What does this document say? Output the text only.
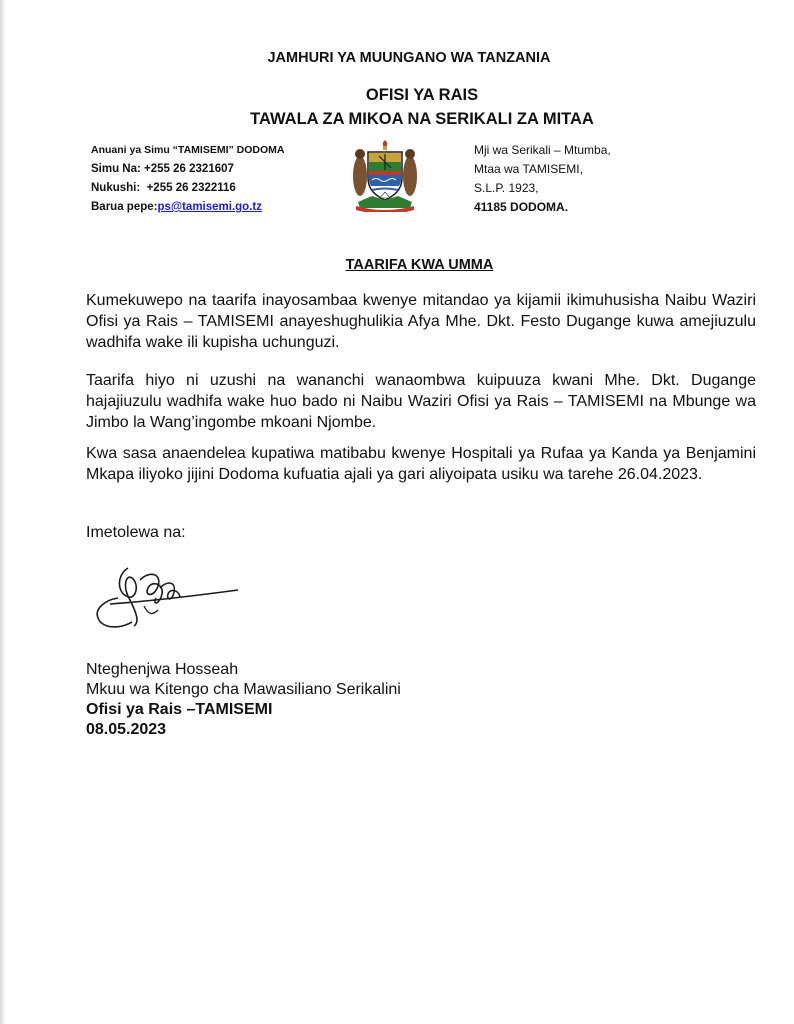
JAMHURI YA MUUNGANO WA TANZANIA

OFISI YA RAIS

TAWALA ZA MIKOA NA SERIKALI ZA MITAA

Anuani ya Simu “TAMISEMI” DODOMA
Simu Na: +255 26 2321607
Nukushi: +255 26 2322116
Barua pepe:ps@tamisemi.go.tz
Mji wa Serikali – Mtumba,
Mtaa wa TAMISEMI,
S.L.P. 1923,
41185 DODOMA.
TAARIFA KWA UMMA

Kumekuwepo na taarifa inayosambaa kwenye mitandao ya kijamii ikimuhusisha Naibu Waziri Ofisi ya Rais – TAMISEMI anayeshughulikia Afya Mhe. Dkt. Festo Dugange kuwa amejiuzulu wadhifa wake ili kupisha uchunguzi.

Taarifa hiyo ni uzushi na wananchi wanaombwa kuipuuza kwani Mhe. Dkt. Dugange hajajiuzulu wadhifa wake huo bado ni Naibu Waziri Ofisi ya Rais – TAMISEMI na Mbunge wa Jimbo la Wang’ingombe mkoani Njombe.

Kwa sasa anaendelea kupatiwa matibabu kwenye Hospitali ya Rufaa ya Kanda ya Benjamini Mkapa iliyoko jijini Dodoma kufuatia ajali ya gari aliyoipata usiku wa tarehe 26.04.2023.

Imetolewa na:
Nteghenjwa Hosseah
Mkuu wa Kitengo cha Mawasiliano Serikalini
Ofisi ya Rais –TAMISEMI
08.05.2023
